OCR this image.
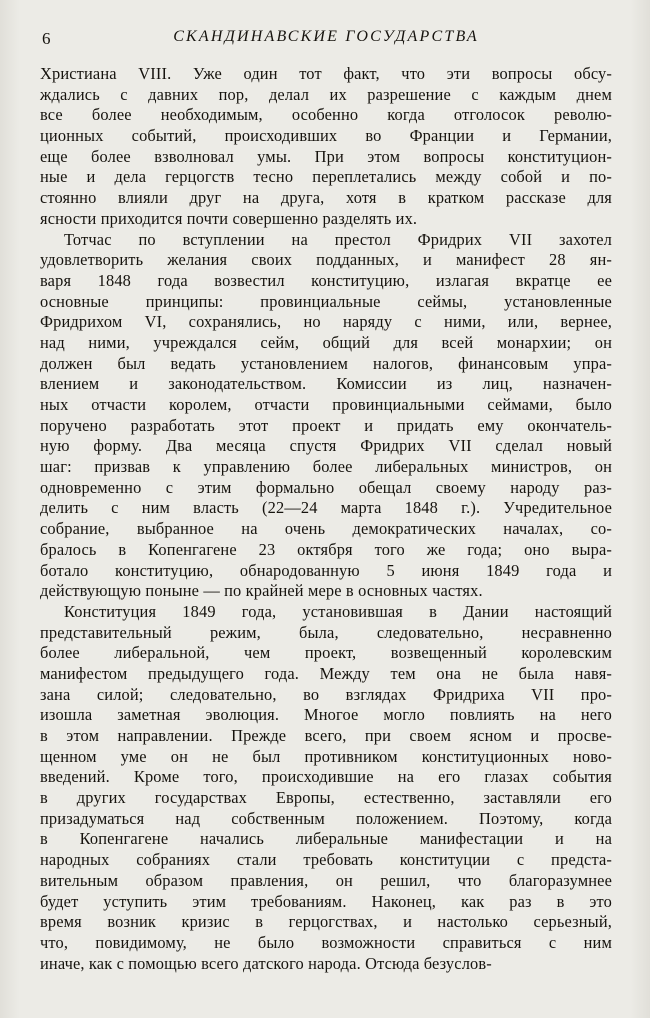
6	СКАНДИНАВСКИЕ ГОСУДАРСТВА
Христиана VIII. Уже один тот факт, что эти вопросы обсу-
ждались с давних пор, делал их разрешение с каждым днем
все более необходимым, особенно когда отголосок револю-
ционных событий, происходивших во Франции и Германии,
еще более взволновал умы. При этом вопросы конституцион-
ные и дела герцогств тесно переплетались между собой и по-
стоянно влияли друг на друга, хотя в кратком рассказе для
ясности приходится почти совершенно разделять их.
Тотчас по вступлении на престол Фридрих VII захотел
удовлетворить желания своих подданных, и манифест 28 ян-
варя 1848 года возвестил конституцию, излагая вкратце ее
основные принципы: провинциальные сеймы, установленные
Фридрихом VI, сохранялись, но наряду с ними, или, вернее,
над ними, учреждался сейм, общий для всей монархии; он
должен был ведать установлением налогов, финансовым упра-
влением и законодательством. Комиссии из лиц, назначен-
ных отчасти королем, отчасти провинциальными сеймами, было
поручено разработать этот проект и придать ему окончатель-
ную форму. Два месяца спустя Фридрих VII сделал новый
шаг: призвав к управлению более либеральных министров, он
одновременно с этим формально обещал своему народу раз-
делить с ним власть (22—24 марта 1848 г.). Учредительное
собрание, выбранное на очень демократических началах, со-
бралось в Копенгагене 23 октября того же года; оно выра-
ботало конституцию, обнародованную 5 июня 1849 года и
действующую поныне — по крайней мере в основных частях.
Конституция 1849 года, установившая в Дании настоящий
представительный режим, была, следовательно, несравненно
более либеральной, чем проект, возвещенный королевским
манифестом предыдущего года. Между тем она не была навя-
зана силой; следовательно, во взглядах Фридриха VII про-
изошла заметная эволюция. Многое могло повлиять на него
в этом направлении. Прежде всего, при своем ясном и просве-
щенном уме он не был противником конституционных ново-
введений. Кроме того, происходившие на его глазах события
в других государствах Европы, естественно, заставляли его
призадуматься над собственным положением. Поэтому, когда
в Копенгагене начались либеральные манифестации и на
народных собраниях стали требовать конституции с предста-
вительным образом правления, он решил, что благоразумнее
будет уступить этим требованиям. Наконец, как раз в это
время возник кризис в герцогствах, и настолько серьезный,
что, повидимому, не было возможности справиться с ним
иначе, как с помощью всего датского народа. Отсюда безуслов-
